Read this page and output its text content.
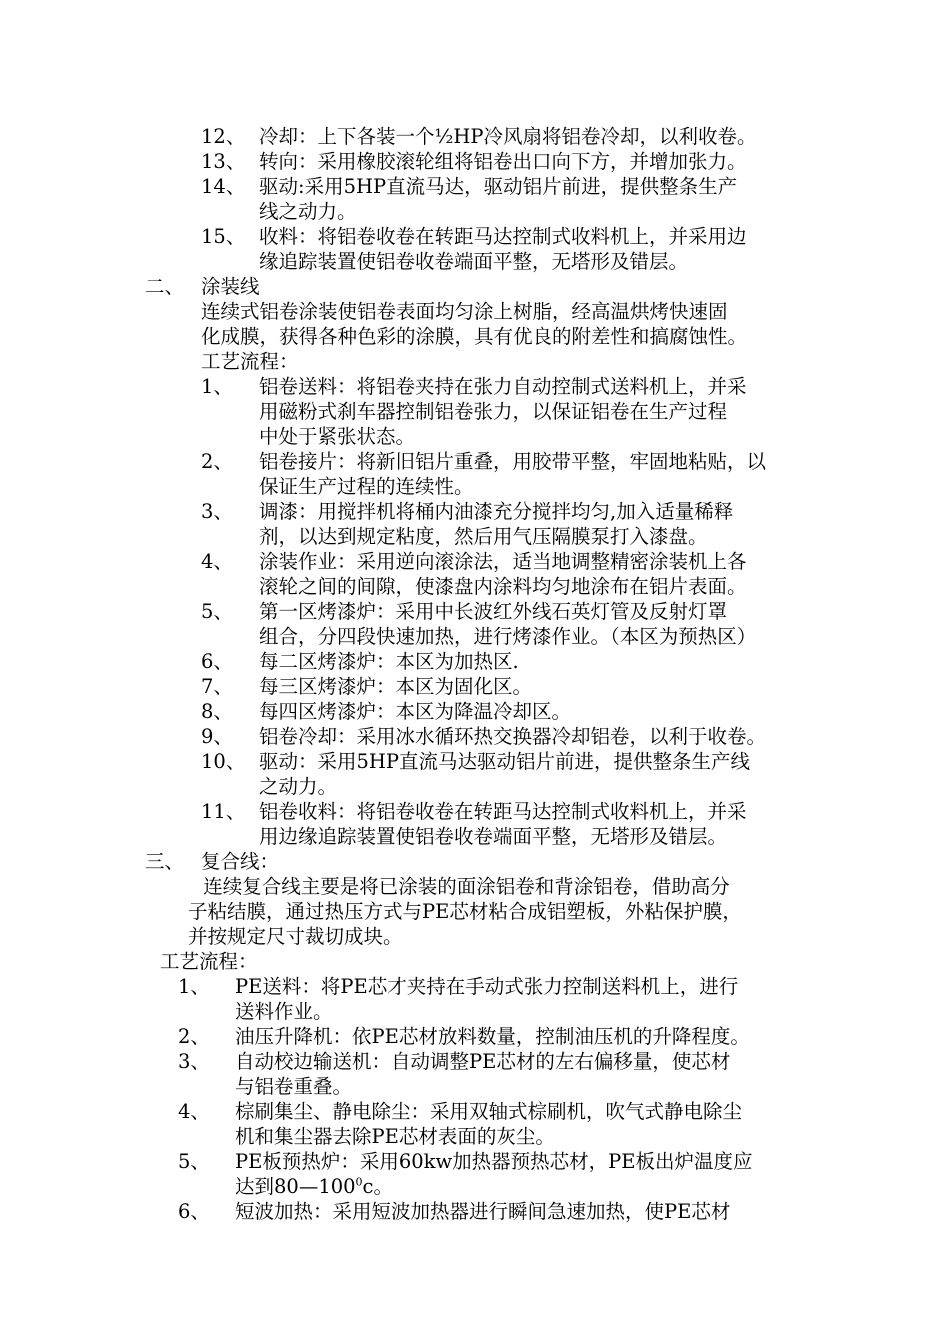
12、 冷却：上下各装一个½HP冷风扇将铝卷冷却，以利收卷。
13、 转向：采用橡胶滚轮组将铝卷出口向下方，并增加张力。
14、 驱动:采用5HP直流马达，驱动铝片前进，提供整条生产
线之动力。
15、 收料：将铝卷收卷在转距马达控制式收料机上，并采用边
缘追踪装置使铝卷收卷端面平整，无塔形及错层。
二、 涂装线
连续式铝卷涂装使铝卷表面均匀涂上树脂，经高温烘烤快速固
化成膜，获得各种色彩的涂膜，具有优良的附差性和搞腐蚀性。
工艺流程：
1、 铝卷送料：将铝卷夹持在张力自动控制式送料机上，并采
用磁粉式刹车器控制铝卷张力，以保证铝卷在生产过程
中处于紧张状态。
2、 铝卷接片：将新旧铝片重叠，用胶带平整，牢固地粘贴，以
保证生产过程的连续性。
3、 调漆：用搅拌机将桶内油漆充分搅拌均匀,加入适量稀释
剂，以达到规定粘度，然后用气压隔膜泵打入漆盘。
4、 涂装作业：采用逆向滚涂法，适当地调整精密涂装机上各
滚轮之间的间隙，使漆盘内涂料均匀地涂布在铝片表面。
5、 第一区烤漆炉：采用中长波红外线石英灯管及反射灯罩
组合，分四段快速加热，进行烤漆作业。（本区为预热区）
6、 每二区烤漆炉：本区为加热区.
7、 每三区烤漆炉：本区为固化区。
8、 每四区烤漆炉：本区为降温冷却区。
9、 铝卷冷却：采用冰水循环热交换器冷却铝卷，以利于收卷。
10、 驱动：采用5HP直流马达驱动铝片前进，提供整条生产线
之动力。
11、 铝卷收料：将铝卷收卷在转距马达控制式收料机上，并采
用边缘追踪装置使铝卷收卷端面平整，无塔形及错层。
三、 复合线：
连续复合线主要是将已涂装的面涂铝卷和背涂铝卷，借助高分
子粘结膜，通过热压方式与PE芯材粘合成铝塑板，外粘保护膜，
并按规定尺寸裁切成块。
工艺流程：
1、 PE送料：将PE芯才夹持在手动式张力控制送料机上，进行
送料作业。
2、 油压升降机：依PE芯材放料数量，控制油压机的升降程度。
3、 自动校边输送机：自动调整PE芯材的左右偏移量，使芯材
与铝卷重叠。
4、 棕刷集尘、静电除尘：采用双轴式棕刷机，吹气式静电除尘
机和集尘器去除PE芯材表面的灰尘。
5、 PE板预热炉：采用60kw加热器预热芯材，PE板出炉温度应
达到$80—100^0c$。
6、 短波加热：采用短波加热器进行瞬间急速加热，使PE芯材
